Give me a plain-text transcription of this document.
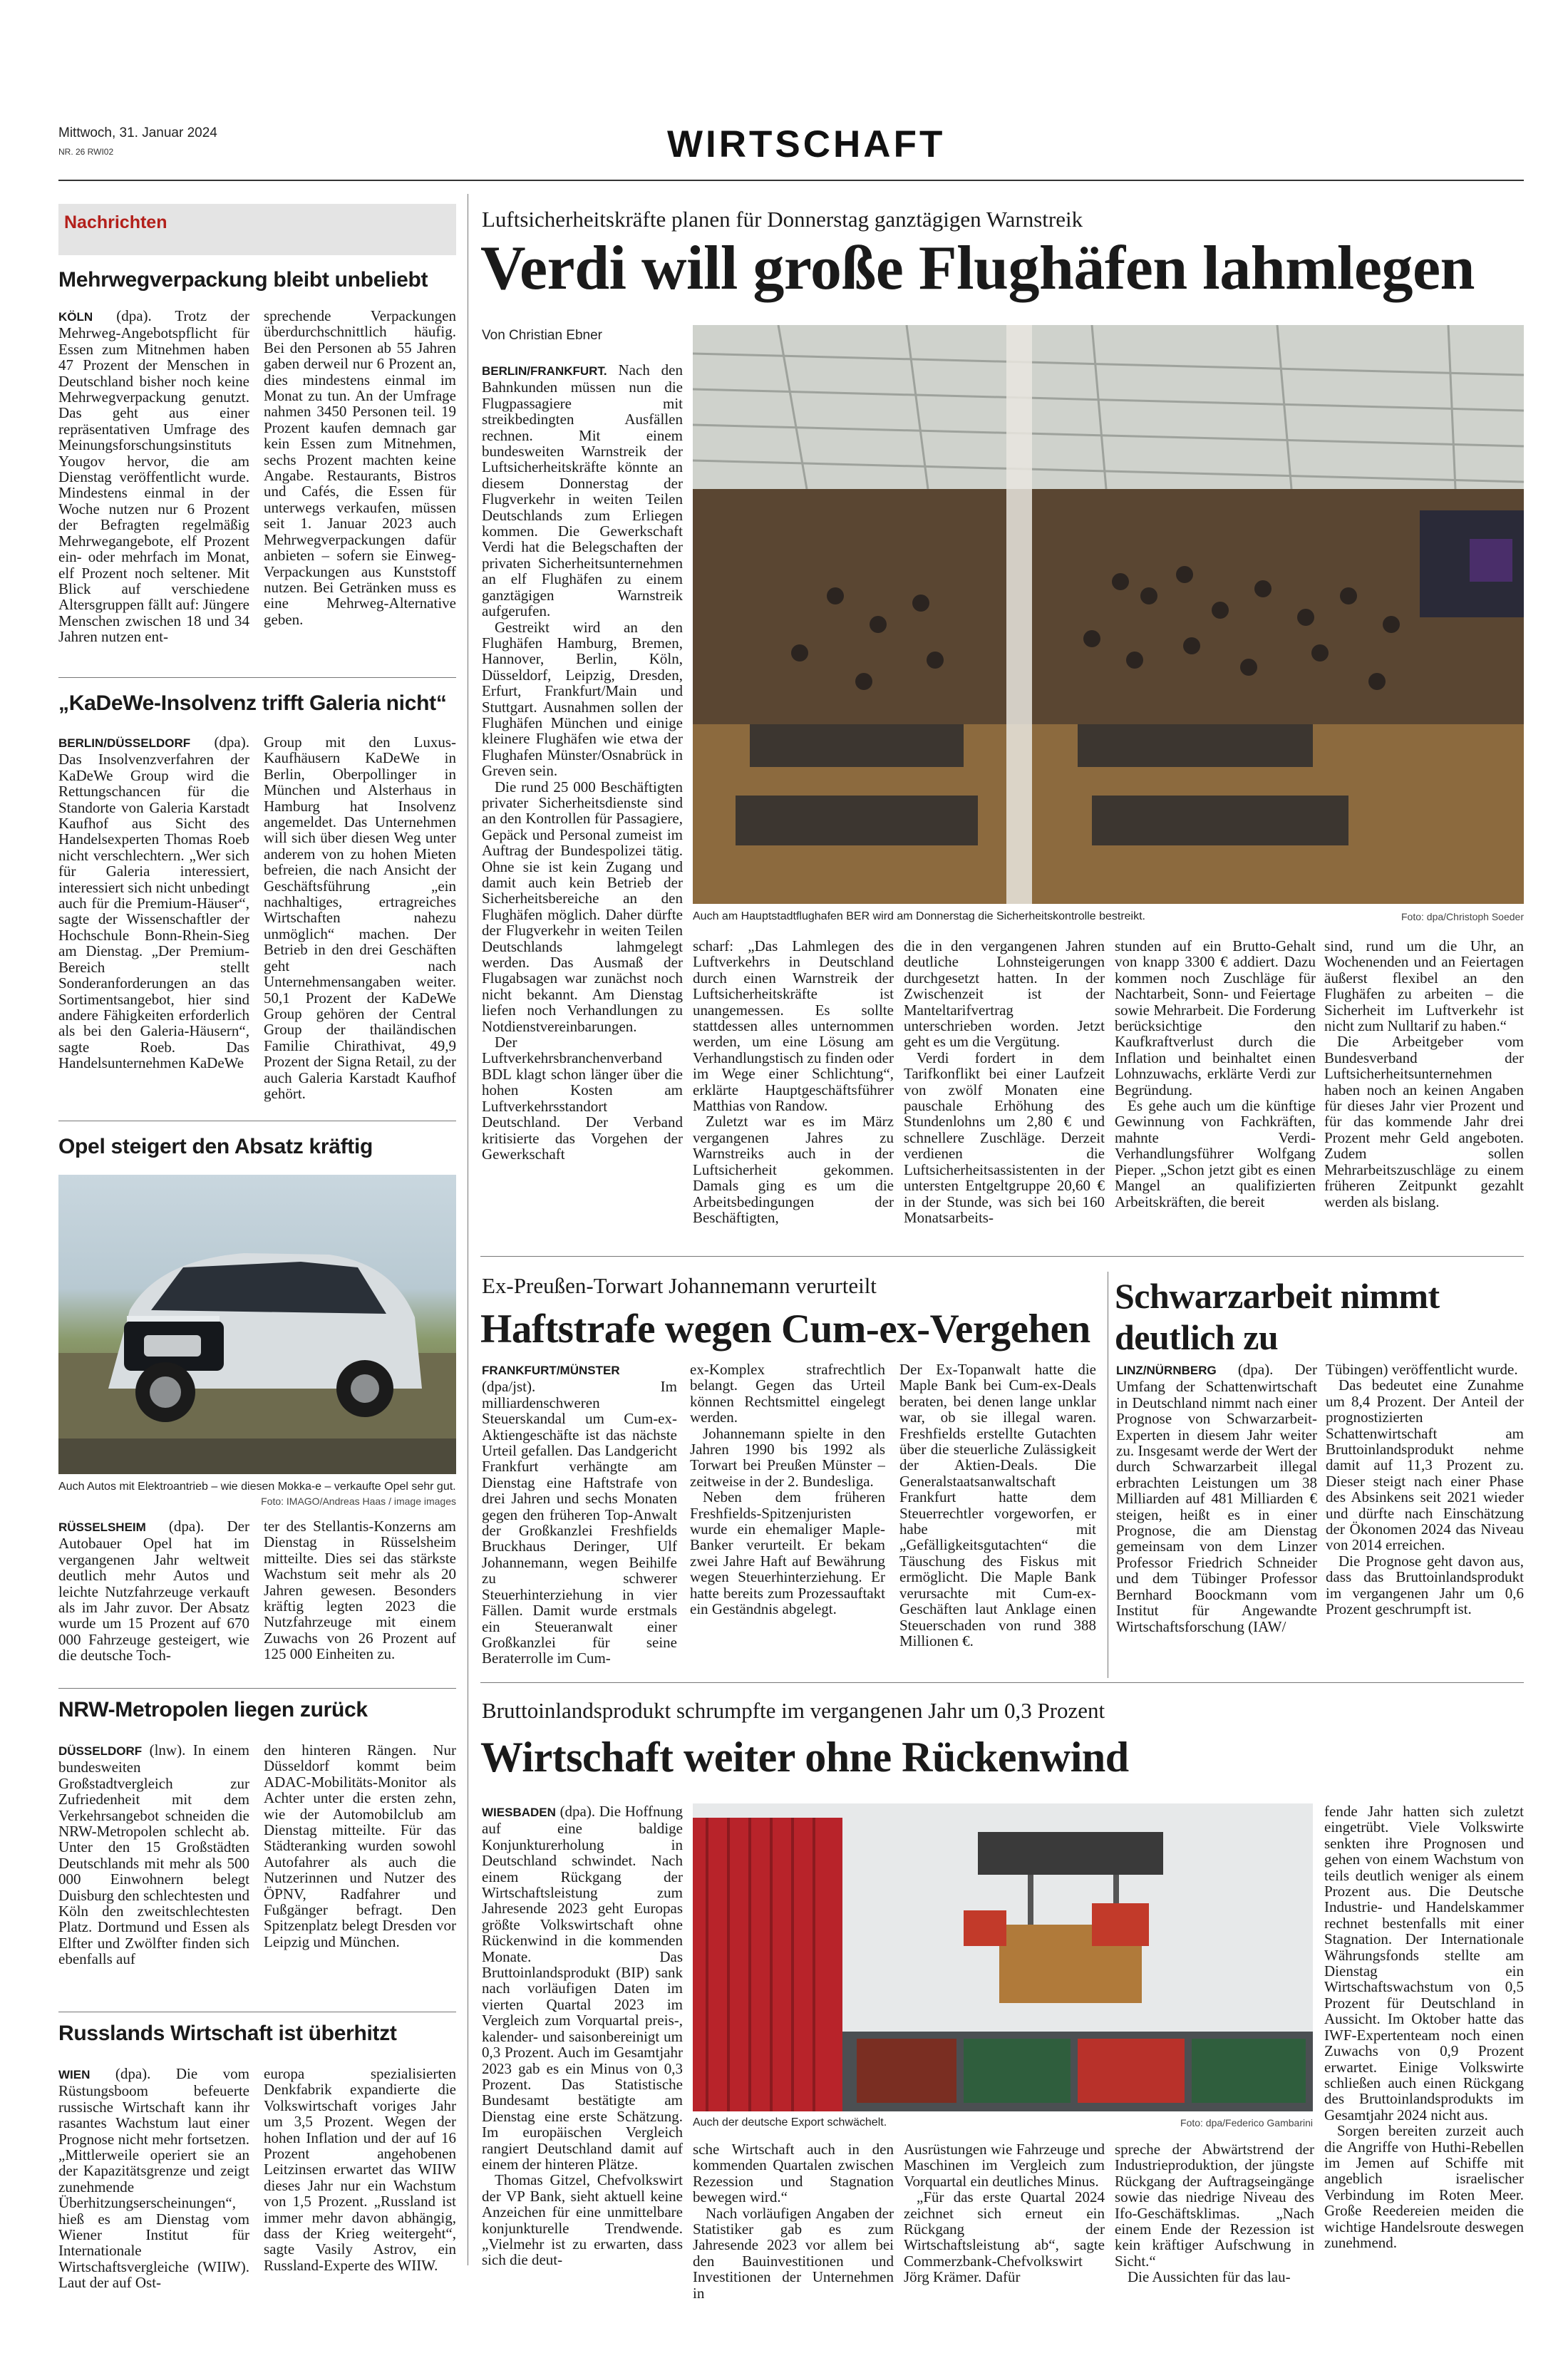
Mittwoch, 31. Januar 2024
NR. 26 RWI02	WIRTSCHAFT
Nachrichten
Mehrwegverpackung bleibt unbeliebt

KÖLN (dpa). Trotz der Mehrweg-Angebotspflicht für Essen zum Mitnehmen haben 47 Prozent der Menschen in Deutschland bisher noch keine Mehrwegverpackung genutzt. Das geht aus einer repräsentativen Umfrage des Meinungsforschungsinstituts Yougov hervor, die am Dienstag veröffentlicht wurde. Mindestens einmal in der Woche nutzen nur 6 Prozent der Befragten regelmäßig Mehrwegangebote, elf Prozent ein- oder mehrfach im Monat, elf Prozent noch seltener. Mit Blick auf verschiedene Altersgruppen fällt auf: Jüngere Menschen zwischen 18 und 34 Jahren nutzen ent-

sprechende Verpackungen überdurchschnittlich häufig. Bei den Personen ab 55 Jahren gaben derweil nur 6 Prozent an, dies mindestens einmal im Monat zu tun. An der Umfrage nahmen 3450 Personen teil. 19 Prozent kaufen demnach gar kein Essen zum Mitnehmen, sechs Prozent machten keine Angabe. Restaurants, Bistros und Cafés, die Essen für unterwegs verkaufen, müssen seit 1. Januar 2023 auch Mehrwegverpackungen dafür anbieten – sofern sie Einweg-Verpackungen aus Kunststoff nutzen. Bei Getränken muss es eine Mehrweg-Alternative geben.

„KaDeWe-Insolvenz trifft Galeria nicht“

BERLIN/DÜSSELDORF (dpa). Das Insolvenzverfahren der KaDeWe Group wird die Rettungschancen für die Standorte von Galeria Karstadt Kaufhof aus Sicht des Handelsexperten Thomas Roeb nicht verschlechtern. „Wer sich für Galeria interessiert, interessiert sich nicht unbedingt auch für die Premium-Häuser“, sagte der Wissenschaftler der Hochschule Bonn-Rhein-Sieg am Dienstag. „Der Premium-Bereich stellt Sonderanforderungen an das Sortimentsangebot, hier sind andere Fähigkeiten erforderlich als bei den Galeria-Häusern“, sagte Roeb. Das Handelsunternehmen KaDeWe

Group mit den Luxus-Kaufhäusern KaDeWe in Berlin, Oberpollinger in München und Alsterhaus in Hamburg hat Insolvenz angemeldet. Das Unternehmen will sich über diesen Weg unter anderem von zu hohen Mieten befreien, die nach Ansicht der Geschäftsführung „ein nachhaltiges, ertragreiches Wirtschaften nahezu unmöglich“ machen. Der Betrieb in den drei Geschäften geht nach Unternehmensangaben weiter. 50,1 Prozent der KaDeWe Group gehören der Central Group der thailändischen Familie Chirathivat, 49,9 Prozent der Signa Retail, zu der auch Galeria Karstadt Kaufhof gehört.

Opel steigert den Absatz kräftig
Auch Autos mit Elektroantrieb – wie diesen Mokka-e – verkaufte Opel sehr gut.
Foto: IMAGO/Andreas Haas / image images

RÜSSELSHEIM (dpa). Der Autobauer Opel hat im vergangenen Jahr weltweit deutlich mehr Autos und leichte Nutzfahrzeuge verkauft als im Jahr zuvor. Der Absatz wurde um 15 Prozent auf 670 000 Fahrzeuge gesteigert, wie die deutsche Toch-

ter des Stellantis-Konzerns am Dienstag in Rüsselsheim mitteilte. Dies sei das stärkste Wachstum seit mehr als 20 Jahren gewesen. Besonders kräftig legten 2023 die Nutzfahrzeuge mit einem Zuwachs von 26 Prozent auf 125 000 Einheiten zu.

NRW-Metropolen liegen zurück

DÜSSELDORF (lnw). In einem bundesweiten Großstadtvergleich zur Zufriedenheit mit dem Verkehrsangebot schneiden die NRW-Metropolen schlecht ab. Unter den 15 Großstädten Deutschlands mit mehr als 500 000 Einwohnern belegt Duisburg den schlechtesten und Köln den zweitschlechtesten Platz. Dortmund und Essen als Elfter und Zwölfter finden sich ebenfalls auf

den hinteren Rängen. Nur Düsseldorf kommt beim ADAC-Mobilitäts-Monitor als Achter unter die ersten zehn, wie der Automobilclub am Dienstag mitteilte. Für das Städteranking wurden sowohl Autofahrer als auch die Nutzerinnen und Nutzer des ÖPNV, Radfahrer und Fußgänger befragt. Den Spitzenplatz belegt Dresden vor Leipzig und München.

Russlands Wirtschaft ist überhitzt

WIEN (dpa). Die vom Rüstungsboom befeuerte russische Wirtschaft kann ihr rasantes Wachstum laut einer Prognose nicht mehr fortsetzen. „Mittlerweile operiert sie an der Kapazitätsgrenze und zeigt zunehmende Überhitzungserscheinungen“, hieß es am Dienstag vom Wiener Institut für Internationale Wirtschaftsvergleiche (WIIW). Laut der auf Ost-

europa spezialisierten Denkfabrik expandierte die Volkswirtschaft voriges Jahr um 3,5 Prozent. Wegen der hohen Inflation und der auf 16 Prozent angehobenen Leitzinsen erwartet das WIIW dieses Jahr nur ein Wachstum von 1,5 Prozent. „Russland ist immer mehr davon abhängig, dass der Krieg weitergeht“, sagte Vasily Astrov, ein Russland-Experte des WIIW.

Luftsicherheitskräfte planen für Donnerstag ganztägigen Warnstreik
Verdi will große Flughäfen lahmlegen
Von Christian Ebner

BERLIN/FRANKFURT. Nach den Bahnkunden müssen nun die Flugpassagiere mit streikbedingten Ausfällen rechnen. Mit einem bundesweiten Warnstreik der Luftsicherheitskräfte könnte an diesem Donnerstag der Flugverkehr in weiten Teilen Deutschlands zum Erliegen kommen. Die Gewerkschaft Verdi hat die Belegschaften der privaten Sicherheitsunternehmen an elf Flughäfen zu einem ganztägigen Warnstreik aufgerufen.

Gestreikt wird an den Flughäfen Hamburg, Bremen, Hannover, Berlin, Köln, Düsseldorf, Leipzig, Dresden, Erfurt, Frankfurt/Main und Stuttgart. Ausnahmen sollen der Flughäfen München und einige kleinere Flughäfen wie etwa der Flughafen Münster/Osnabrück in Greven sein.

Die rund 25 000 Beschäftigten privater Sicherheitsdienste sind an den Kontrollen für Passagiere, Gepäck und Personal zumeist im Auftrag der Bundespolizei tätig. Ohne sie ist kein Zugang und damit auch kein Betrieb der Sicherheitsbereiche an den Flughäfen möglich. Daher dürfte der Flugverkehr in weiten Teilen Deutschlands lahmgelegt werden. Das Ausmaß der Flugabsagen war zunächst noch nicht bekannt. Am Dienstag liefen noch Verhandlungen zu Notdienstvereinbarungen.

Der Luftverkehrsbranchenverband BDL klagt schon länger über die hohen Kosten am Luftverkehrsstandort Deutschland. Der Verband kritisierte das Vorgehen der Gewerkschaft

Auch am Hauptstadtflughafen BER wird am Donnerstag die Sicherheitskontrolle bestreikt.	Foto: dpa/Christoph Soeder

scharf: „Das Lahmlegen des Luftverkehrs in Deutschland durch einen Warnstreik der Luftsicherheitskräfte ist unangemessen. Es sollte stattdessen alles unternommen werden, um eine Lösung am Verhandlungstisch zu finden oder im Wege einer Schlichtung“, erklärte Hauptgeschäftsführer Matthias von Randow.

Zuletzt war es im März vergangenen Jahres zu Warnstreiks auch in der Luftsicherheit gekommen. Damals ging es um die Arbeitsbedingungen der Beschäftigten,

die in den vergangenen Jahren deutliche Lohnsteigerungen durchgesetzt hatten. In der Zwischenzeit ist der Manteltarifvertrag unterschrieben worden. Jetzt geht es um die Vergütung.

Verdi fordert in dem Tarifkonflikt bei einer Laufzeit von zwölf Monaten eine pauschale Erhöhung des Stundenlohns um 2,80 € und schnellere Zuschläge. Derzeit verdienen die Luftsicherheitsassistenten in der untersten Entgeltgruppe 20,60 € in der Stunde, was sich bei 160 Monatsarbeits-

stunden auf ein Brutto-Gehalt von knapp 3300 € addiert. Dazu kommen noch Zuschläge für Nachtarbeit, Sonn- und Feiertage sowie Mehrarbeit. Die Forderung berücksichtige den Kaufkraftverlust durch die Inflation und beinhaltet einen Lohnzuwachs, erklärte Verdi zur Begründung.

Es gehe auch um die künftige Gewinnung von Fachkräften, mahnte Verdi-Verhandlungsführer Wolfgang Pieper. „Schon jetzt gibt es einen Mangel an qualifizierten Arbeitskräften, die bereit

sind, rund um die Uhr, an Wochenenden und an Feiertagen äußerst flexibel an den Flughäfen zu arbeiten – die Sicherheit im Luftverkehr ist nicht zum Nulltarif zu haben.“

Die Arbeitgeber vom Bundesverband der Luftsicherheitsunternehmen haben noch an keinen Angaben für dieses Jahr vier Prozent und für das kommende Jahr drei Prozent mehr Geld angeboten. Zudem sollen Mehrarbeitszuschläge zu einem früheren Zeitpunkt gezahlt werden als bislang.

Ex-Preußen-Torwart Johannemann verurteilt
Haftstrafe wegen Cum-ex-Vergehen

FRANKFURT/MÜNSTER (dpa/jst). Im milliardenschweren Steuerskandal um Cum-ex-Aktiengeschäfte ist das nächste Urteil gefallen. Das Landgericht Frankfurt verhängte am Dienstag eine Haftstrafe von drei Jahren und sechs Monaten gegen den früheren Top-Anwalt der Großkanzlei Freshfields Bruckhaus Deringer, Ulf Johannemann, wegen Beihilfe zu schwerer Steuerhinterziehung in vier Fällen. Damit wurde erstmals ein Steueranwalt einer Großkanzlei für seine Beraterrolle im Cum-

ex-Komplex strafrechtlich belangt. Gegen das Urteil können Rechtsmittel eingelegt werden.

Johannemann spielte in den Jahren 1990 bis 1992 als Torwart bei Preußen Münster – zeitweise in der 2. Bundesliga.

Neben dem früheren Freshfields-Spitzenjuristen wurde ein ehemaliger Maple-Banker verurteilt. Er bekam zwei Jahre Haft auf Bewährung wegen Steuerhinterziehung. Er hatte bereits zum Prozessauftakt ein Geständnis abgelegt.

Der Ex-Topanwalt hatte die Maple Bank bei Cum-ex-Deals beraten, bei denen lange unklar war, ob sie illegal waren. Freshfields erstellte Gutachten über die steuerliche Zulässigkeit der Aktien-Deals. Die Generalstaatsanwaltschaft Frankfurt hatte dem Steuerrechtler vorgeworfen, er habe mit „Gefälligkeitsgutachten“ die Täuschung des Fiskus mit ermöglicht. Die Maple Bank verursachte mit Cum-ex-Geschäften laut Anklage einen Steuerschaden von rund 388 Millionen €.

Schwarzarbeit nimmt
deutlich zu

LINZ/NÜRNBERG (dpa). Der Umfang der Schattenwirtschaft in Deutschland nimmt nach einer Prognose von Schwarzarbeit-Experten in diesem Jahr weiter zu. Insgesamt werde der Wert der durch Schwarzarbeit illegal erbrachten Leistungen um 38 Milliarden auf 481 Milliarden € steigen, heißt es in einer Prognose, die am Dienstag gemeinsam von dem Linzer Professor Friedrich Schneider und dem Tübinger Professor Bernhard Boockmann vom Institut für Angewandte Wirtschaftsforschung (IAW/

Tübingen) veröffentlicht wurde.

Das bedeutet eine Zunahme um 8,4 Prozent. Der Anteil der prognostizierten Schattenwirtschaft am Bruttoinlandsprodukt nehme damit auf 11,3 Prozent zu. Dieser steigt nach einer Phase des Absinkens seit 2021 wieder und dürfte nach Einschätzung der Ökonomen 2024 das Niveau von 2014 erreichen.

Die Prognose geht davon aus, dass das Bruttoinlandsprodukt im vergangenen Jahr um 0,6 Prozent geschrumpft ist.

Bruttoinlandsprodukt schrumpfte im vergangenen Jahr um 0,3 Prozent
Wirtschaft weiter ohne Rückenwind

WIESBADEN (dpa). Die Hoffnung auf eine baldige Konjunkturerholung in Deutschland schwindet. Nach einem Rückgang der Wirtschaftsleistung zum Jahresende 2023 geht Europas größte Volkswirtschaft ohne Rückenwind in die kommenden Monate. Das Bruttoinlandsprodukt (BIP) sank nach vorläufigen Daten im vierten Quartal 2023 im Vergleich zum Vorquartal preis-, kalender- und saisonbereinigt um 0,3 Prozent. Auch im Gesamtjahr 2023 gab es ein Minus von 0,3 Prozent. Das Statistische Bundesamt bestätigte am Dienstag eine erste Schätzung. Im europäischen Vergleich rangiert Deutschland damit auf einem der hinteren Plätze.

Thomas Gitzel, Chefvolkswirt der VP Bank, sieht aktuell keine Anzeichen für eine unmittelbare konjunkturelle Trendwende. „Vielmehr ist zu erwarten, dass sich die deut-

Auch der deutsche Export schwächelt.	Foto: dpa/Federico Gambarini

sche Wirtschaft auch in den kommenden Quartalen zwischen Rezession und Stagnation bewegen wird.“

Nach vorläufigen Angaben der Statistiker gab es zum Jahresende 2023 vor allem bei den Bauinvestitionen und Investitionen der Unternehmen in

Ausrüstungen wie Fahrzeuge und Maschinen im Vergleich zum Vorquartal ein deutliches Minus.

„Für das erste Quartal 2024 zeichnet sich erneut ein Rückgang der Wirtschaftsleistung ab“, sagte Commerzbank-Chefvolkswirt Jörg Krämer. Dafür

spreche der Abwärtstrend der Industrieproduktion, der jüngste Rückgang der Auftragseingänge sowie das niedrige Niveau des Ifo-Geschäftsklimas. „Nach einem Ende der Rezession ist kein kräftiger Aufschwung in Sicht.“

Die Aussichten für das lau-

fende Jahr hatten sich zuletzt eingetrübt. Viele Volkswirte senkten ihre Prognosen und gehen von einem Wachstum von teils deutlich weniger als einem Prozent aus. Die Deutsche Industrie- und Handelskammer rechnet bestenfalls mit einer Stagnation. Der Internationale Währungsfonds stellte am Dienstag ein Wirtschaftswachstum von 0,5 Prozent für Deutschland in Aussicht. Im Oktober hatte das IWF-Expertenteam noch einen Zuwachs von 0,9 Prozent erwartet. Einige Volkswirte schließen auch einen Rückgang des Bruttoinlandsprodukts im Gesamtjahr 2024 nicht aus.

Sorgen bereiten zurzeit auch die Angriffe von Huthi-Rebellen im Jemen auf Schiffe mit angeblich israelischer Verbindung im Roten Meer. Große Reedereien meiden die wichtige Handelsroute deswegen zunehmend.
